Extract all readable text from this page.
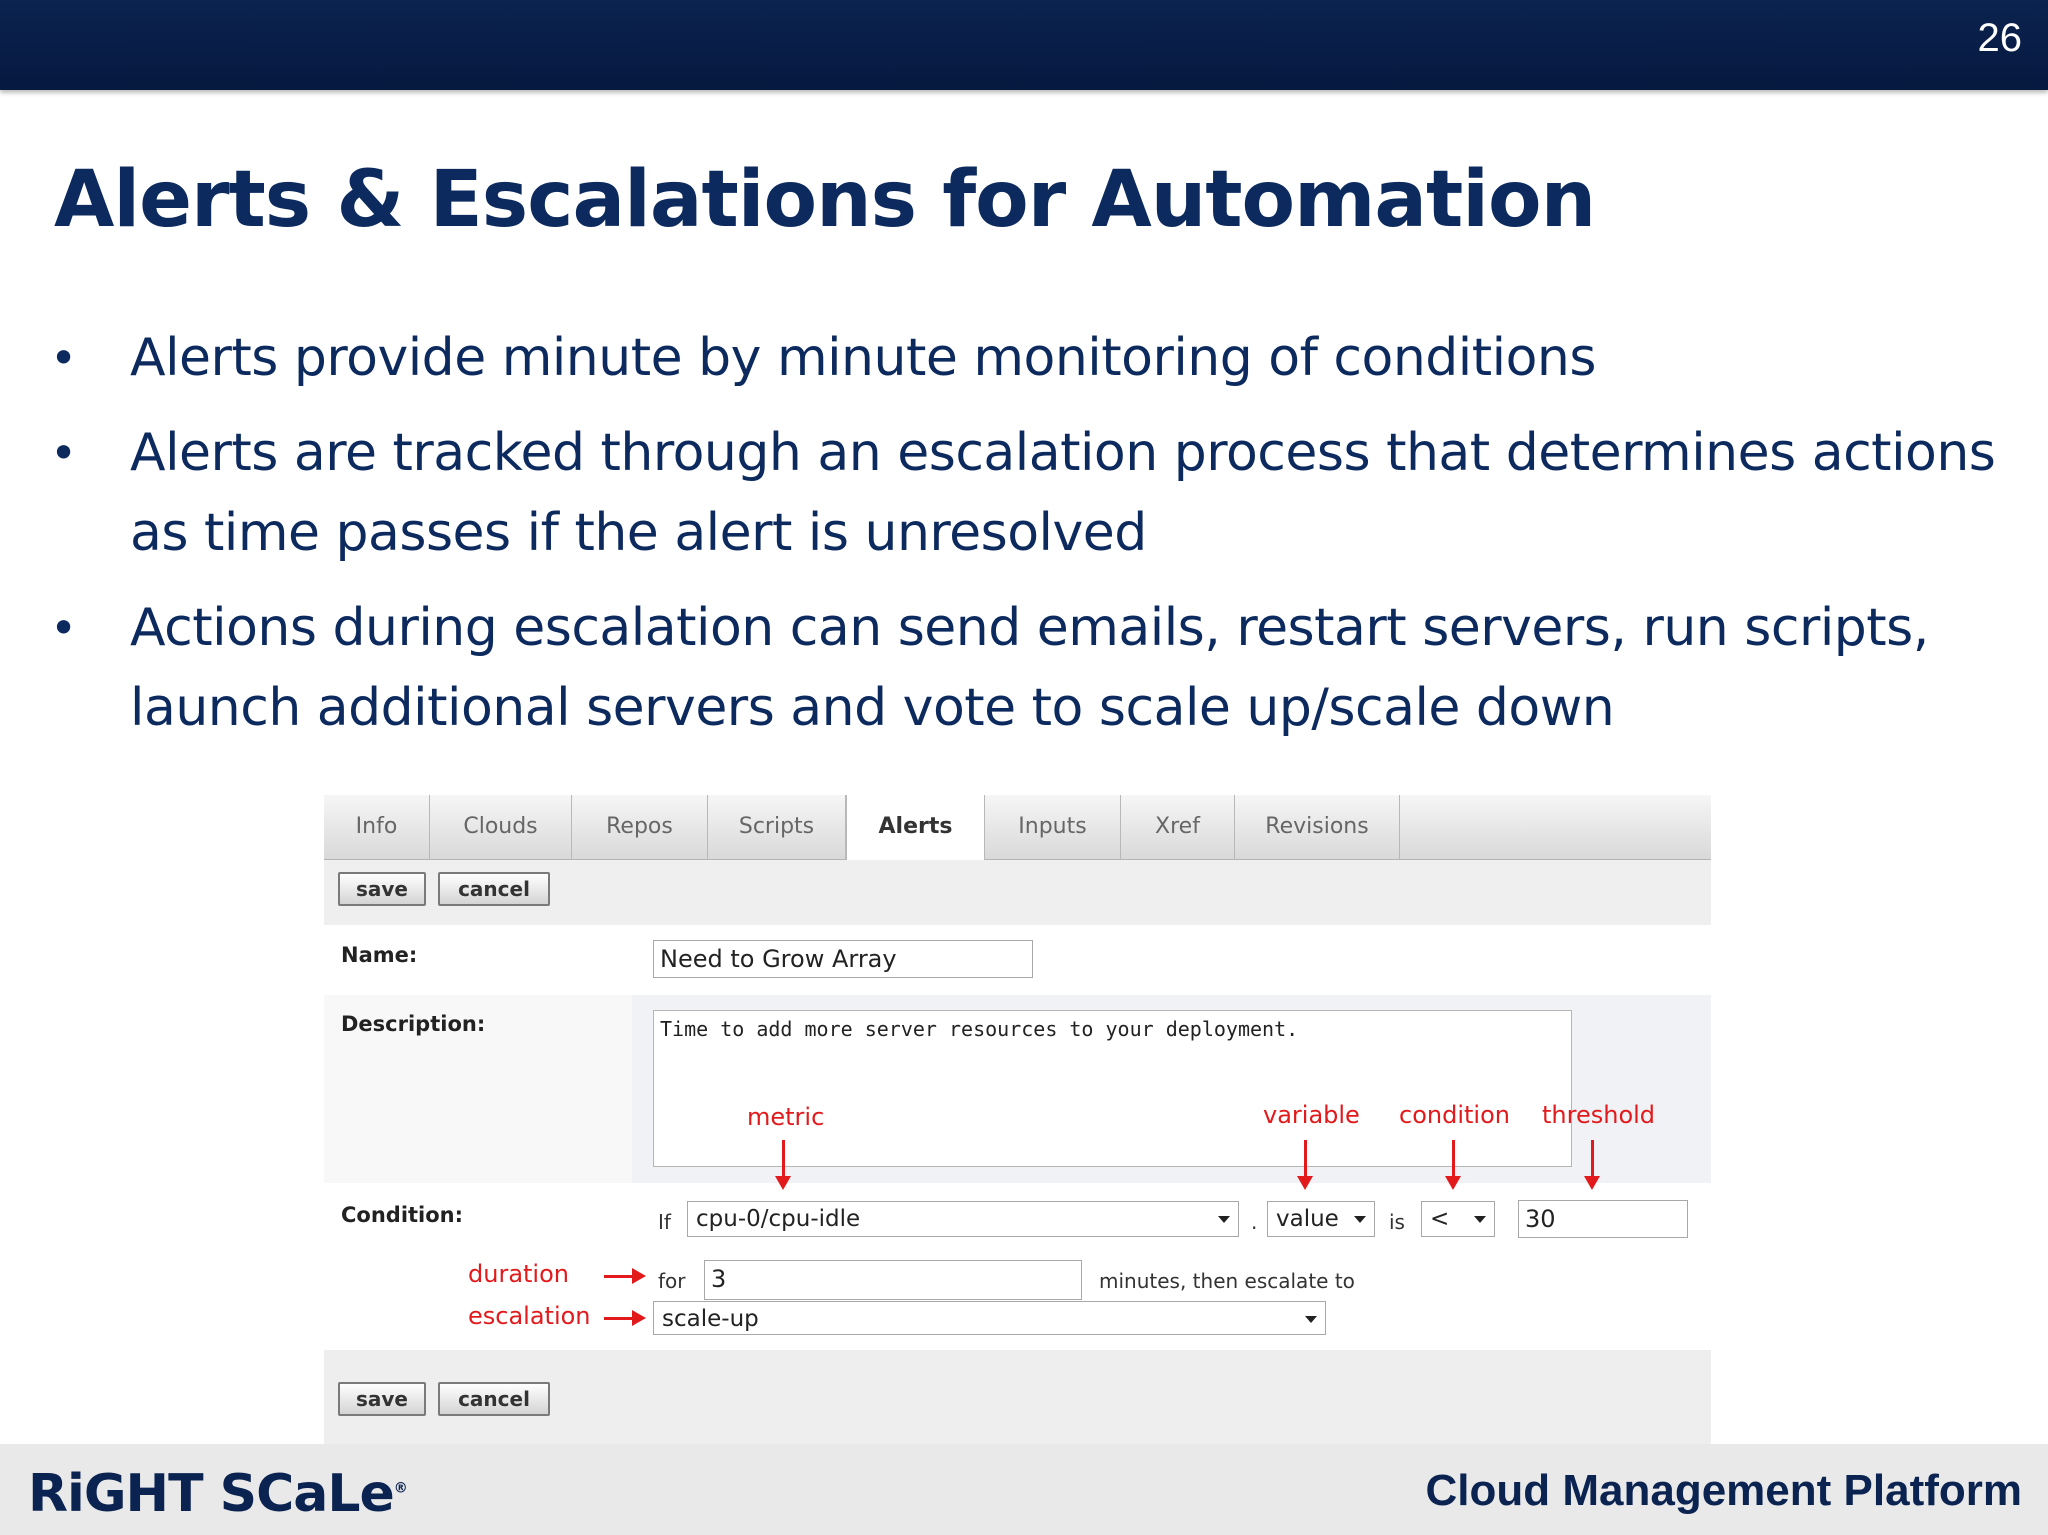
26
Alerts & Escalations for Automation
• Alerts provide minute by minute monitoring of conditions
• Alerts are tracked through an escalation process that determines actions as time passes if the alert is unresolved
• Actions during escalation can send emails, restart servers, run scripts, launch additional servers and vote to scale up/scale down
Info	Clouds	Repos	Scripts	Alerts	Inputs	Xref	Revisions
save	cancel
Name:	Need to Grow Array
Description:	Time to add more server resources to your deployment.
Condition:	If	cpu-0/cpu-idle	. value	is	<	30
for 3	minutes, then escalate to
scale-up
save	cancel
metric	variable condition threshold
duration
escalation
RiGHT SCaLe®	Cloud Management Platform
